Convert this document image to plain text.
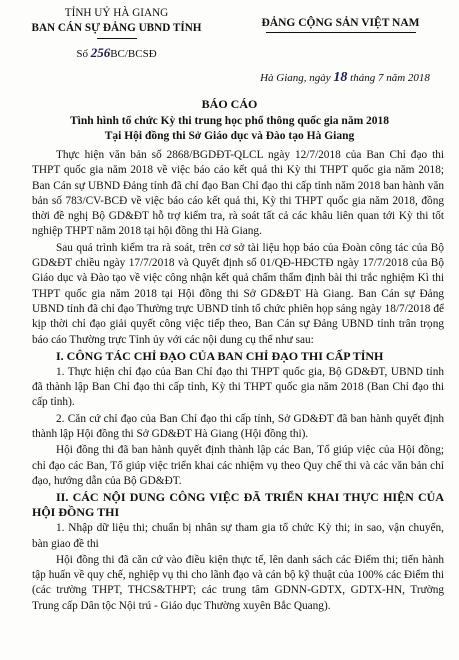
TỈNH UỶ HÀ GIANG
BAN CÁN SỰ ĐẢNG UBND TỈNH
Số 256BC/BCSĐ
ĐẢNG CỘNG SẢN VIỆT NAM
Hà Giang, ngày 18 tháng 7 năm 2018
BÁO CÁO
Tình hình tổ chức Kỳ thi trung học phổ thông quốc gia năm 2018
Tại Hội đồng thi Sở Giáo dục và Đào tạo Hà Giang

Thực hiện văn bản số 2868/BGDĐT-QLCL ngày 12/7/2018 của Ban Chỉ đạo thi THPT quốc gia năm 2018 về việc báo cáo kết quả thi Kỳ thi THPT quốc gia năm 2018; Ban Cán sự UBND Đảng tỉnh đã chỉ đạo Ban Chỉ đạo thi cấp tỉnh năm 2018 ban hành văn bản số 783/CV-BCĐ về việc báo cáo kết quả thi, Kỳ thi THPT quốc gia năm 2018, đồng thời đề nghị Bộ GD&ĐT hỗ trợ kiểm tra, rà soát tất cả các khâu liên quan tới Kỳ thi tốt nghiệp THPT năm 2018 tại hội đồng thi Hà Giang.

Sau quá trình kiểm tra rà soát, trên cơ sở tài liệu họp báo của Đoàn công tác của Bộ GD&ĐT chiều ngày 17/7/2018 và Quyết định số 01/QĐ-HĐCTĐ ngày 17/7/2018 của Bộ Giáo dục và Đào tạo về việc công nhận kết quả chấm thẩm định bài thi trắc nghiệm Kì thi THPT quốc gia năm 2018 tại Hội đồng thi Sở GD&ĐT Hà Giang. Ban Cán sự Đảng UBND tỉnh đã chỉ đạo Thường trực UBND tỉnh tổ chức phiên họp sáng ngày 18/7/2018 để kịp thời chỉ đạo giải quyết công việc tiếp theo, Ban Cán sự Đảng UBND tỉnh trân trọng báo cáo Thường trực Tỉnh ủy với các nội dung cụ thể như sau:

I. CÔNG TÁC CHỈ ĐẠO CỦA BAN CHỈ ĐẠO THI CẤP TỈNH

1. Thực hiện chỉ đạo của Ban Chỉ đạo thi THPT quốc gia, Bộ GD&ĐT, UBND tỉnh đã thành lập Ban Chỉ đạo thi cấp tỉnh, Kỳ thi THPT quốc gia năm 2018 (Ban Chỉ đạo thi cấp tỉnh).

2. Căn cứ chỉ đạo của Ban Chỉ đạo thi cấp tỉnh, Sở GD&ĐT đã ban hành quyết định thành lập Hội đồng thi Sở GD&ĐT Hà Giang (Hội đồng thi).

Hội đồng thi đã ban hành quyết định thành lập các Ban, Tổ giúp việc của Hội đồng; chỉ đạo các Ban, Tổ giúp việc triển khai các nhiệm vụ theo Quy chế thi và các văn bản chỉ đạo, hướng dẫn của Bộ GD&ĐT.

II. CÁC NỘI DUNG CÔNG VIỆC ĐÃ TRIỂN KHAI THỰC HIỆN CỦA HỘI ĐỒNG THI

1. Nhập dữ liệu thi; chuẩn bị nhân sự tham gia tổ chức Kỳ thi; in sao, vận chuyển, bàn giao đề thi

Hội đồng thi đã căn cứ vào điều kiện thực tế, lên danh sách các Điểm thi; tiến hành tập huấn về quy chế, nghiệp vụ thi cho lãnh đạo và cán bộ kỹ thuật của 100% các Điểm thi (các trường THPT, THCS&THPT; các trung tâm GDNN-GDTX, GDTX-HN, Trường Trung cấp Dân tộc Nội trú - Giáo dục Thường xuyên Bắc Quang).
